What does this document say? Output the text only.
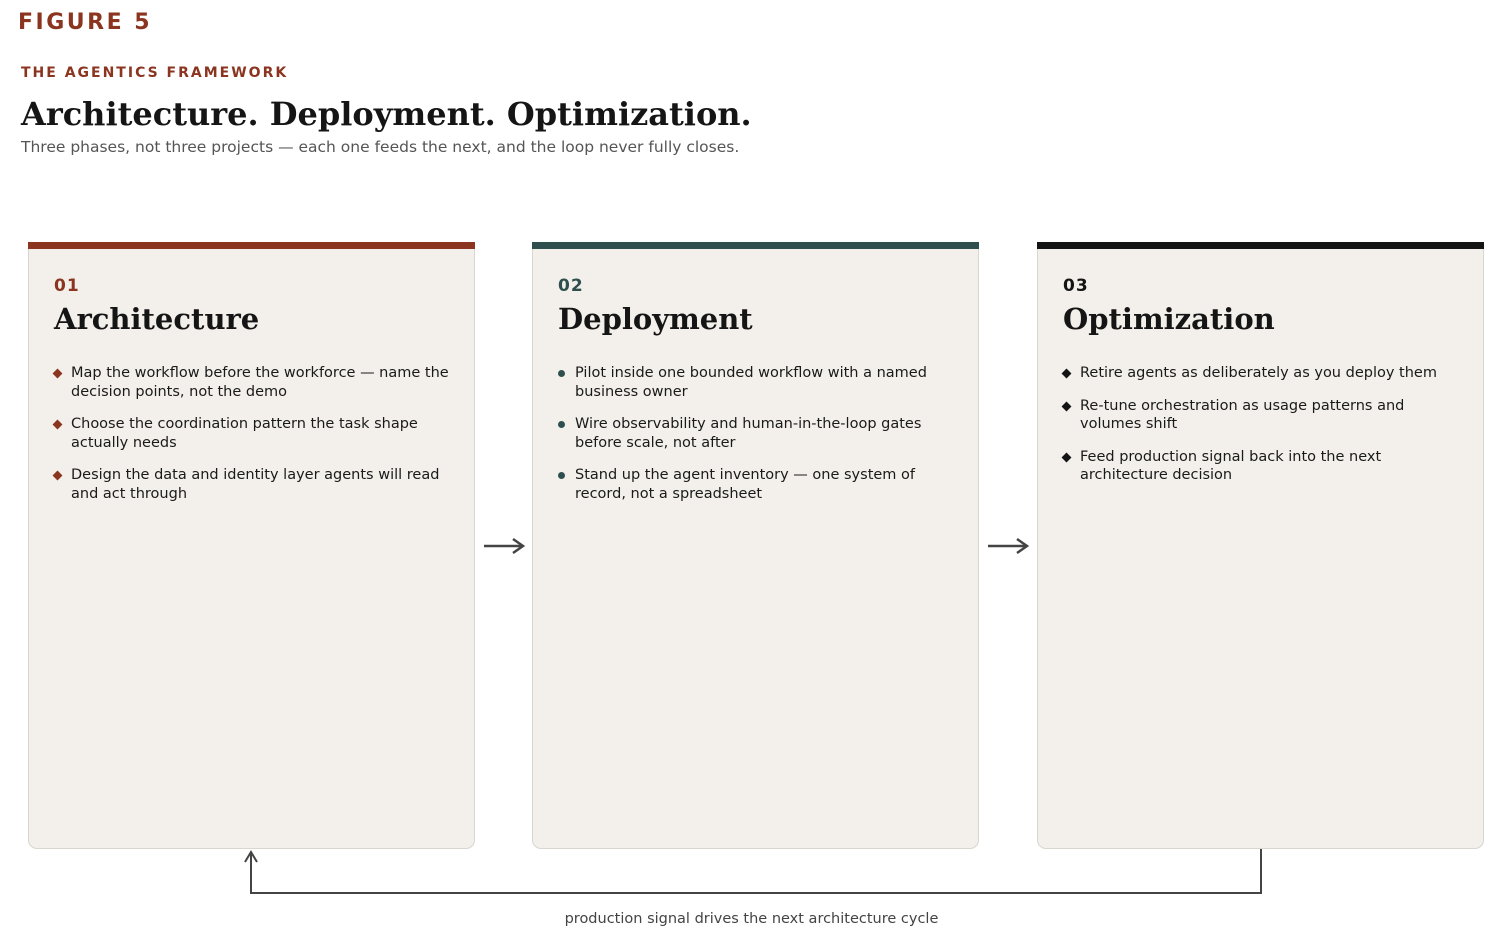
FIGURE 5
THE AGENTICS FRAMEWORK
Architecture. Deployment. Optimization.
Three phases, not three projects — each one feeds the next, and the loop never fully closes.
01
Architecture
Map the workflow before the workforce — name the decision points, not the demo
Choose the coordination pattern the task shape actually needs
Design the data and identity layer agents will read and act through
02
Deployment
Pilot inside one bounded workflow with a named business owner
Wire observability and human-in-the-loop gates before scale, not after
Stand up the agent inventory — one system of record, not a spreadsheet
03
Optimization
Retire agents as deliberately as you deploy them
Re-tune orchestration as usage patterns and volumes shift
Feed production signal back into the next architecture decision
production signal drives the next architecture cycle
